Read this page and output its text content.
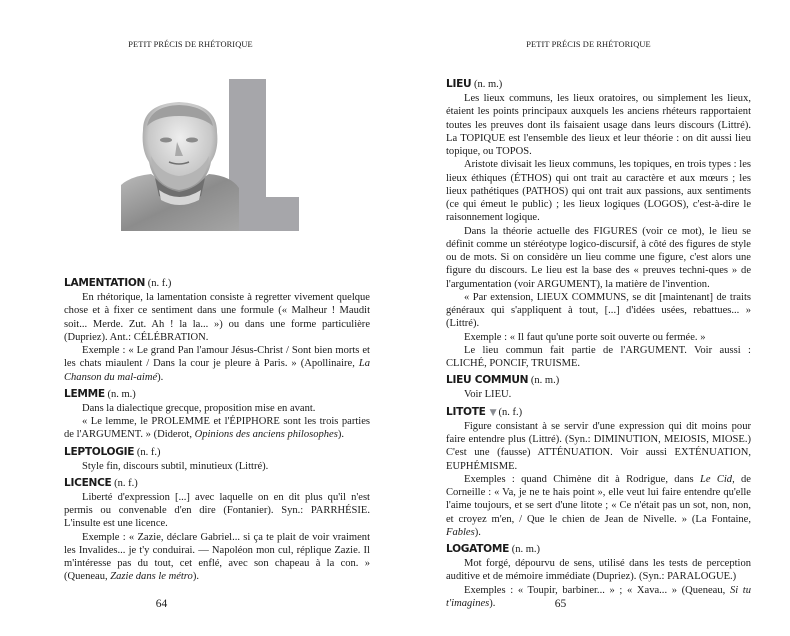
PETIT PRÉCIS DE RHÉTORIQUE
LAMENTATION (n. f.)

En rhétorique, la lamentation consiste à regretter vivement quelque chose et à fixer ce sentiment dans une formule (« Malheur ! Maudit soit... Merde. Zut. Ah ! la la... ») ou dans une forme particulière (Dupriez). Ant.: CÉLÉBRATION.

Exemple : « Le grand Pan l'amour Jésus-Christ / Sont bien morts et les chats miaulent / Dans la cour je pleure à Paris. » (Apollinaire, La Chanson du mal-aimé).

LEMME (n. m.)

Dans la dialectique grecque, proposition mise en avant.

« Le lemme, le PROLEMME et l'ÉPIPHORE sont les trois parties de l'ARGUMENT. » (Diderot, Opinions des anciens philosophes).

LEPTOLOGIE (n. f.)

Style fin, discours subtil, minutieux (Littré).

LICENCE (n. f.)

Liberté d'expression [...] avec laquelle on en dit plus qu'il n'est permis ou convenable d'en dire (Fontanier). Syn.: PARRHÉSIE. L'insulte est une licence.

Exemple : « Zazie, déclare Gabriel... si ça te plait de voir vraiment les Invalides... je t'y conduirai. — Napoléon mon cul, réplique Zazie. Il m'intéresse pas du tout, cet enflé, avec son chapeau à la con. » (Queneau, Zazie dans le métro).

64
PETIT PRÉCIS DE RHÉTORIQUE
LIEU (n. m.)

Les lieux communs, les lieux oratoires, ou simplement les lieux, étaient les points principaux auxquels les anciens rhéteurs rapportaient toutes les preuves dont ils faisaient usage dans leurs discours (Littré). La TOPIQUE est l'ensemble des lieux et leur théorie : on dit aussi lieu topique, ou TOPOS.

Aristote divisait les lieux communs, les topiques, en trois types : les lieux éthiques (ÉTHOS) qui ont trait au caractère et aux mœurs ; les lieux pathétiques (PATHOS) qui ont trait aux passions, aux sentiments (ce qui émeut le public) ; les lieux logiques (LOGOS), c'est-à-dire le raisonnement logique.

Dans la théorie actuelle des FIGURES (voir ce mot), le lieu se définit comme un stéréotype logico-discursif, à côté des figures de style ou de mots. Si on considère un lieu comme une figure, c'est alors une figure du discours. Le lieu est la base des « preuves techni-ques » de l'argumentation (voir ARGUMENT), la matière de l'invention.

« Par extension, LIEUX COMMUNS, se dit [maintenant] de traits généraux qui s'appliquent à tout, [...] d'idées usées, rebattues... » (Littré).

Exemple : « Il faut qu'une porte soit ouverte ou fermée. »

Le lieu commun fait partie de l'ARGUMENT. Voir aussi : CLICHÉ, PONCIF, TRUISME.

LIEU COMMUN (n. m.)

Voir LIEU.

LITOTE ▼ (n. f.)

Figure consistant à se servir d'une expression qui dit moins pour faire entendre plus (Littré). (Syn.: DIMINUTION, MEIOSIS, MIOSE.) C'est une (fausse) ATTÉNUATION. Voir aussi EXTÉNUATION, EUPHÉMISME.

Exemples : quand Chimène dit à Rodrigue, dans Le Cid, de Corneille : « Va, je ne te hais point », elle veut lui faire entendre qu'elle l'aime toujours, et se sert d'une litote ; « Ce n'était pas un sot, non, non, et croyez m'en, / Que le chien de Jean de Nivelle. » (La Fontaine, Fables).

LOGATOME (n. m.)

Mot forgé, dépourvu de sens, utilisé dans les tests de perception auditive et de mémoire immédiate (Dupriez). (Syn.: PARALOGUE.)

Exemples : « Toupir, barbiner... » ; « Xava... » (Queneau, Si tu t'imagines).	65
